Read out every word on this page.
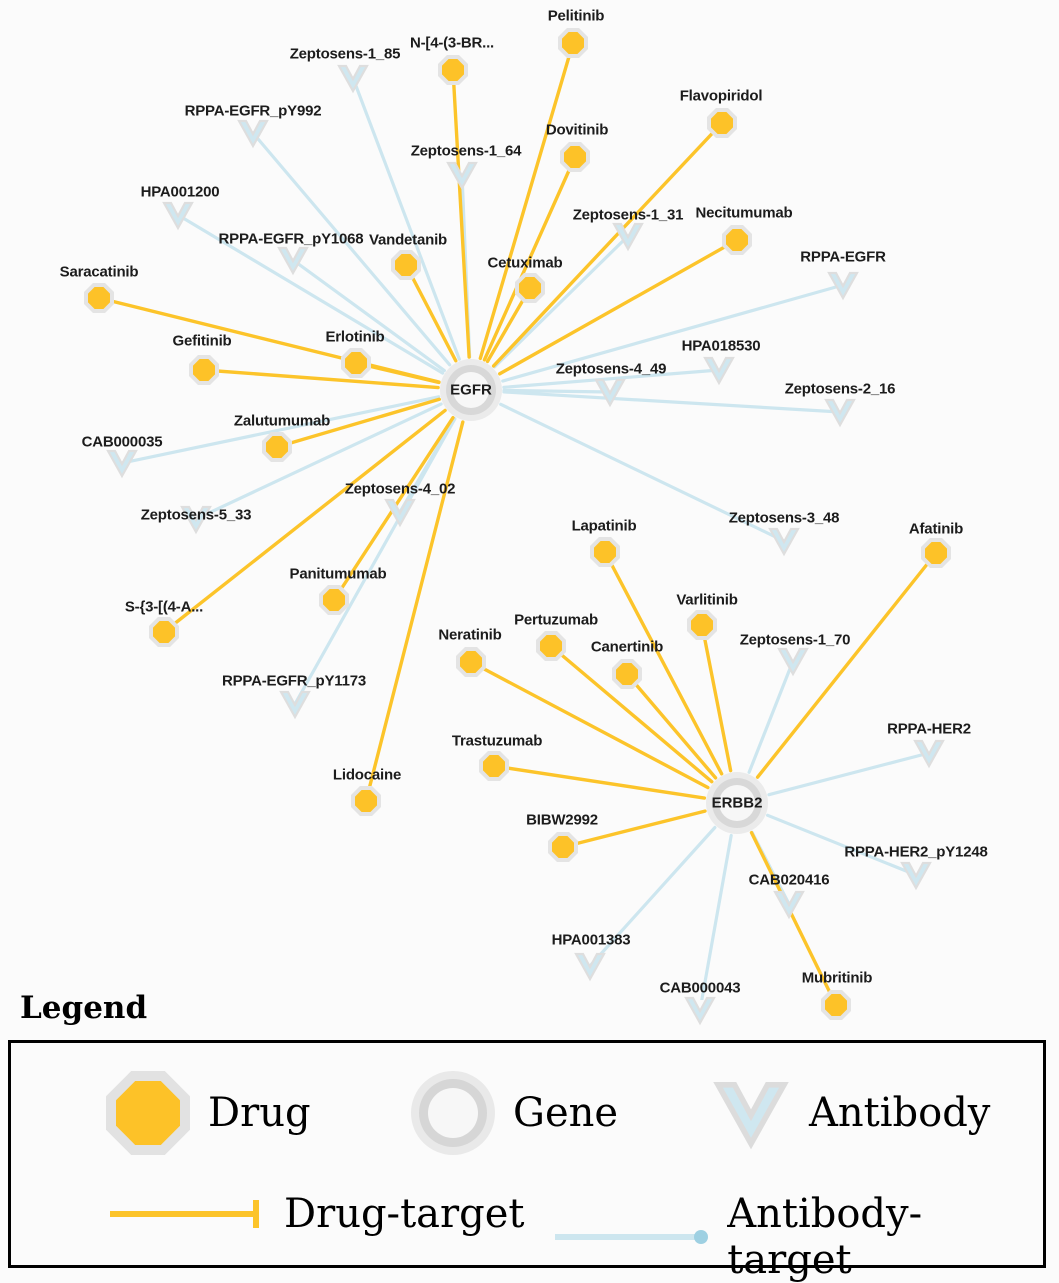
Zeptosens-1_85
RPPA-EGFR_pY992
Zeptosens-1_64
HPA001200
Zeptosens-1_31
RPPA-EGFR_pY1068
RPPA-EGFR
HPA018530
Zeptosens-4_49
Zeptosens-2_16
CAB000035
Zeptosens-4_02
Zeptosens-5_33	Zeptosens-3_48
Zeptosens-1_70
RPPA-EGFR_pY1173
RPPA-HER2
RPPA-HER2_pY1248
CAB020416
HPA001383
CAB000043
Pelitinib
N-[4-(3-BR...
Flavopiridol
Dovitinib
Necitumumab
Vandetanib
Cetuximab
Saracatinib
Erlotinib
Gefitinib
Zalutumumab
Afatinib
Lapatinib
Varlitinib
Panitumumab
Pertuzumab
S-{3-[(4-A...
Neratinib
Canertinib
Trastuzumab
Lidocaine
BIBW2992
Mubritinib
EGFR
ERBB2
Legend
Drug	Gene	Antibody
Drug-target	Antibody-target
